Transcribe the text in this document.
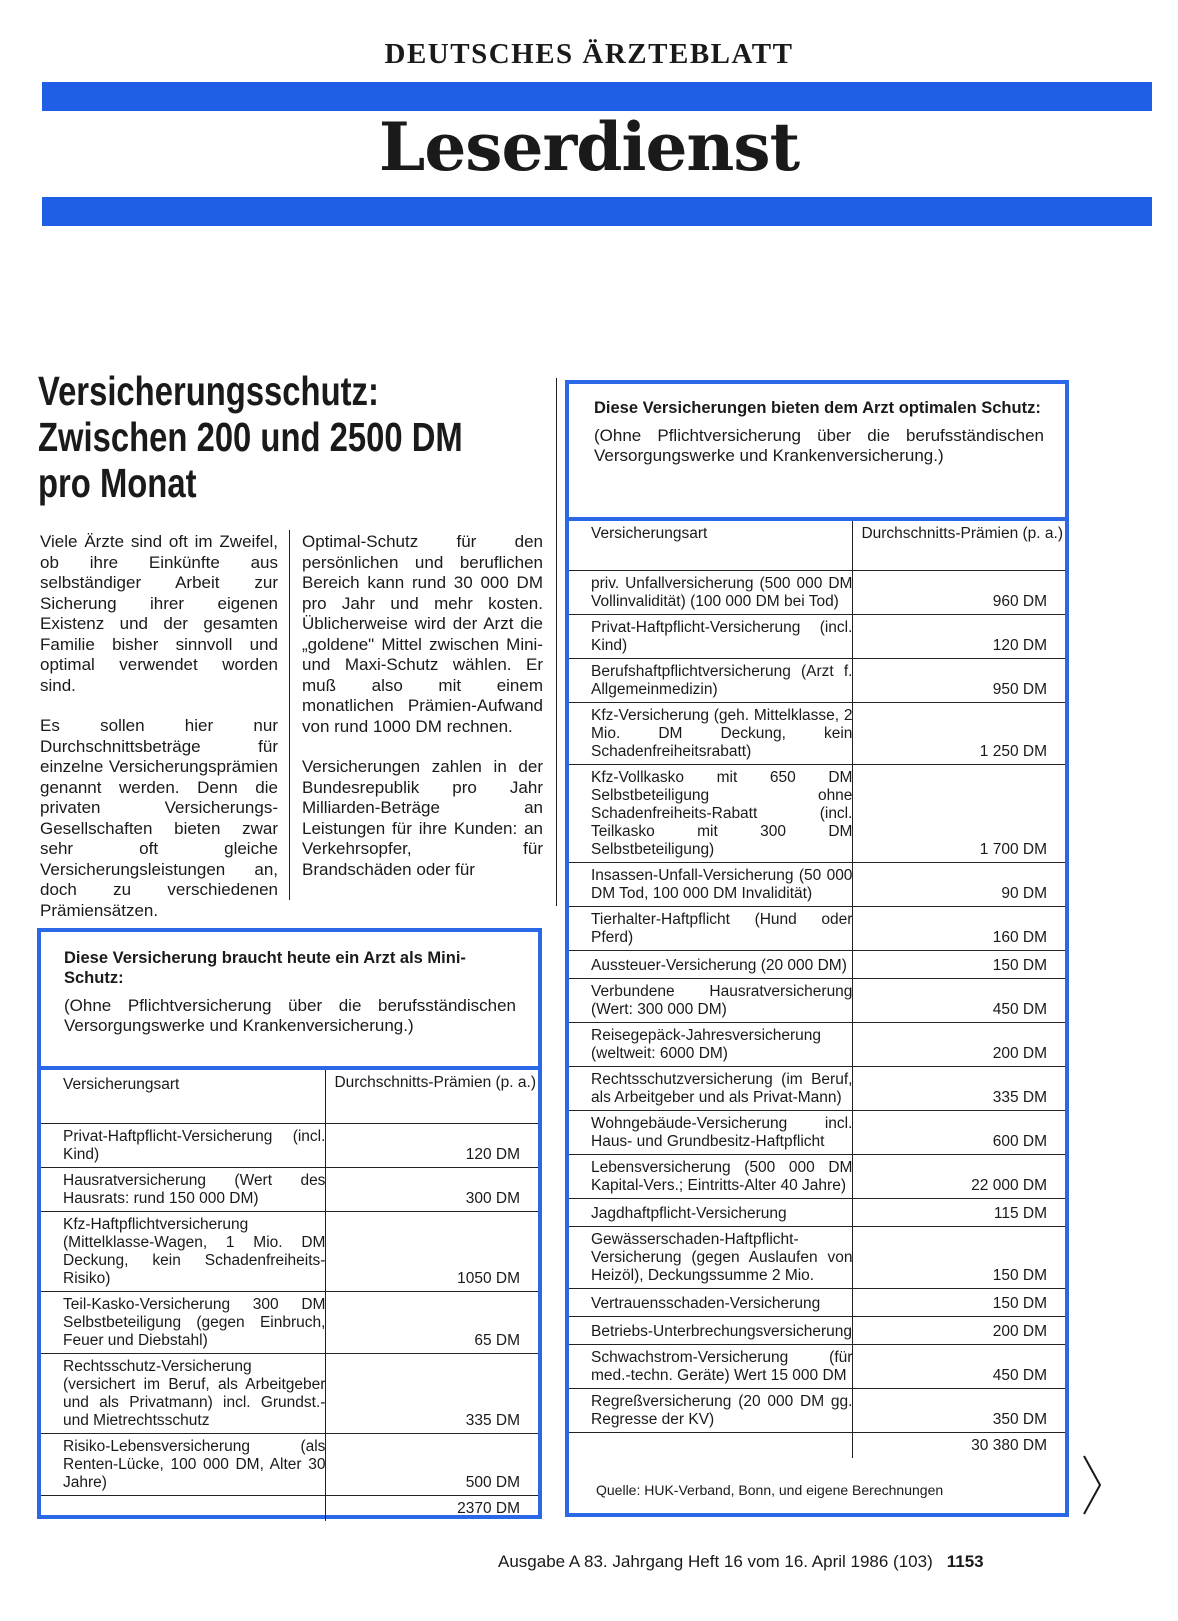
DEUTSCHES ÄRZTEBLATT
Leserdienst
Versicherungsschutz:
Zwischen 200 und 2500 DM
pro Monat

Viele Ärzte sind oft im Zweifel, ob ihre Einkünfte aus selbständiger Arbeit zur Sicherung ihrer eigenen Existenz und der gesamten Familie bisher sinnvoll und optimal verwendet worden sind.

Es sollen hier nur Durchschnittsbeträge für einzelne Versicherungsprämien genannt werden. Denn die privaten Versicherungs-Gesellschaften bieten zwar sehr oft gleiche Versicherungsleistungen an, doch zu verschiedenen Prämiensätzen.

Optimal-Schutz für den persönlichen und beruflichen Bereich kann rund 30 000 DM pro Jahr und mehr kosten. Üblicherweise wird der Arzt die „goldene" Mittel zwischen Mini- und Maxi-Schutz wählen. Er muß also mit einem monatlichen Prämien-Aufwand von rund 1000 DM rechnen.

Versicherungen zahlen in der Bundesrepublik pro Jahr Milliarden-Beträge an Leistungen für ihre Kunden: an Verkehrsopfer, für Brandschäden oder für

Diese Versicherung braucht heute ein Arzt als Mini-Schutz:
(Ohne Pflichtversicherung über die berufsständischen Versorgungswerke und Krankenversicherung.)
Versicherungsart	Durchschnitts-Prämien (p. a.)
Privat-Haftpflicht-Versicherung (incl. Kind)	120 DM
Hausratversicherung (Wert des Hausrats: rund 150 000 DM)	300 DM
Kfz-Haftpflichtversicherung (Mittelklasse-Wagen, 1 Mio. DM Deckung, kein Schadenfreiheits-Risiko)	1050 DM
Teil-Kasko-Versicherung 300 DM Selbstbeteiligung (gegen Einbruch, Feuer und Diebstahl)	65 DM
Rechtsschutz-Versicherung (versichert im Beruf, als Arbeitgeber und als Privatmann) incl. Grundst.- und Mietrechtsschutz	335 DM
Risiko-Lebensversicherung (als Renten-Lücke, 100 000 DM, Alter 30 Jahre)	500 DM
	2370 DM
Diese Versicherungen bieten dem Arzt optimalen Schutz:
(Ohne Pflichtversicherung über die berufsständischen Versorgungswerke und Krankenversicherung.)
Versicherungsart	Durchschnitts-Prämien (p. a.)
priv. Unfallversicherung (500 000 DM Vollinvalidität) (100 000 DM bei Tod)	960 DM
Privat-Haftpflicht-Versicherung (incl. Kind)	120 DM
Berufshaftpflichtversicherung (Arzt f. Allgemeinmedizin)	950 DM
Kfz-Versicherung (geh. Mittelklasse, 2 Mio. DM Deckung, kein Schadenfreiheitsrabatt)	1 250 DM
Kfz-Vollkasko mit 650 DM Selbstbeteiligung ohne Schadenfreiheits-Rabatt (incl. Teilkasko mit 300 DM Selbstbeteiligung)	1 700 DM
Insassen-Unfall-Versicherung (50 000 DM Tod, 100 000 DM Invalidität)	90 DM
Tierhalter-Haftpflicht (Hund oder Pferd)	160 DM
Aussteuer-Versicherung (20 000 DM)	150 DM
Verbundene Hausratversicherung (Wert: 300 000 DM)	450 DM
Reisegepäck-Jahresversicherung (weltweit: 6000 DM)	200 DM
Rechtsschutzversicherung (im Beruf, als Arbeitgeber und als Privat-Mann)	335 DM
Wohngebäude-Versicherung incl. Haus- und Grundbesitz-Haftpflicht	600 DM
Lebensversicherung (500 000 DM Kapital-Vers.; Eintritts-Alter 40 Jahre)	22 000 DM
Jagdhaftpflicht-Versicherung	115 DM
Gewässerschaden-Haftpflicht-Versicherung (gegen Auslaufen von Heizöl), Deckungssumme 2 Mio.	150 DM
Vertrauensschaden-Versicherung	150 DM
Betriebs-Unterbrechungsversicherung	200 DM
Schwachstrom-Versicherung (für med.-techn. Geräte) Wert 15 000 DM	450 DM
Regreßversicherung (20 000 DM gg. Regresse der KV)	350 DM
	30 380 DM
Quelle: HUK-Verband, Bonn, und eigene Berechnungen
Ausgabe A 83. Jahrgang Heft 16 vom 16. April 1986 (103) 1153
